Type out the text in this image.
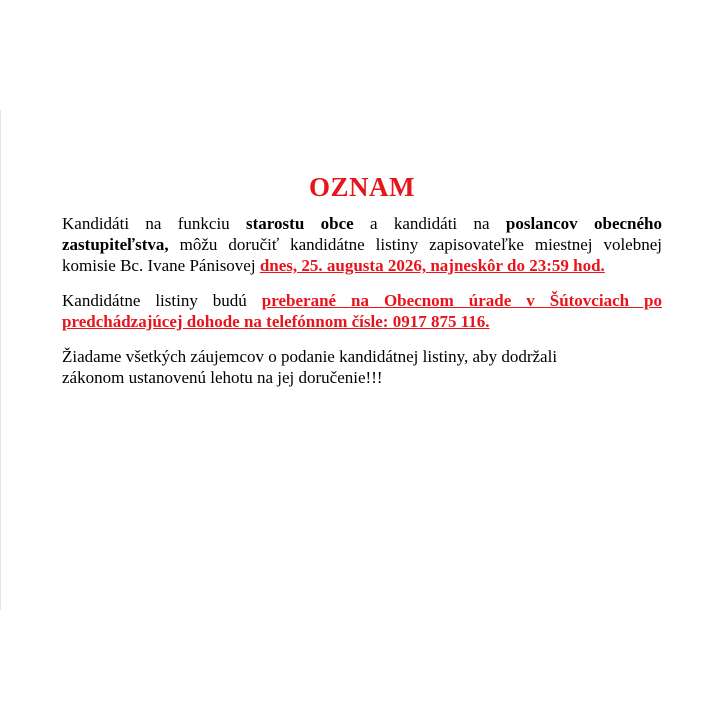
OZNAM

Kandidáti na funkciu starostu obce a kandidáti na poslancov obecného zastupiteľstva, môžu doručiť kandidátne listiny zapisovateľke miestnej volebnej komisie Bc. Ivane Pánisovej dnes, 25. augusta 2026, najneskôr do 23:59 hod.

Kandidátne listiny budú preberané na Obecnom úrade v Šútovciach po predchádzajúcej dohode na telefónnom čísle: 0917 875 116.

Žiadame všetkých záujemcov o podanie kandidátnej listiny, aby dodržali
zákonom ustanovenú lehotu na jej doručenie!!!
